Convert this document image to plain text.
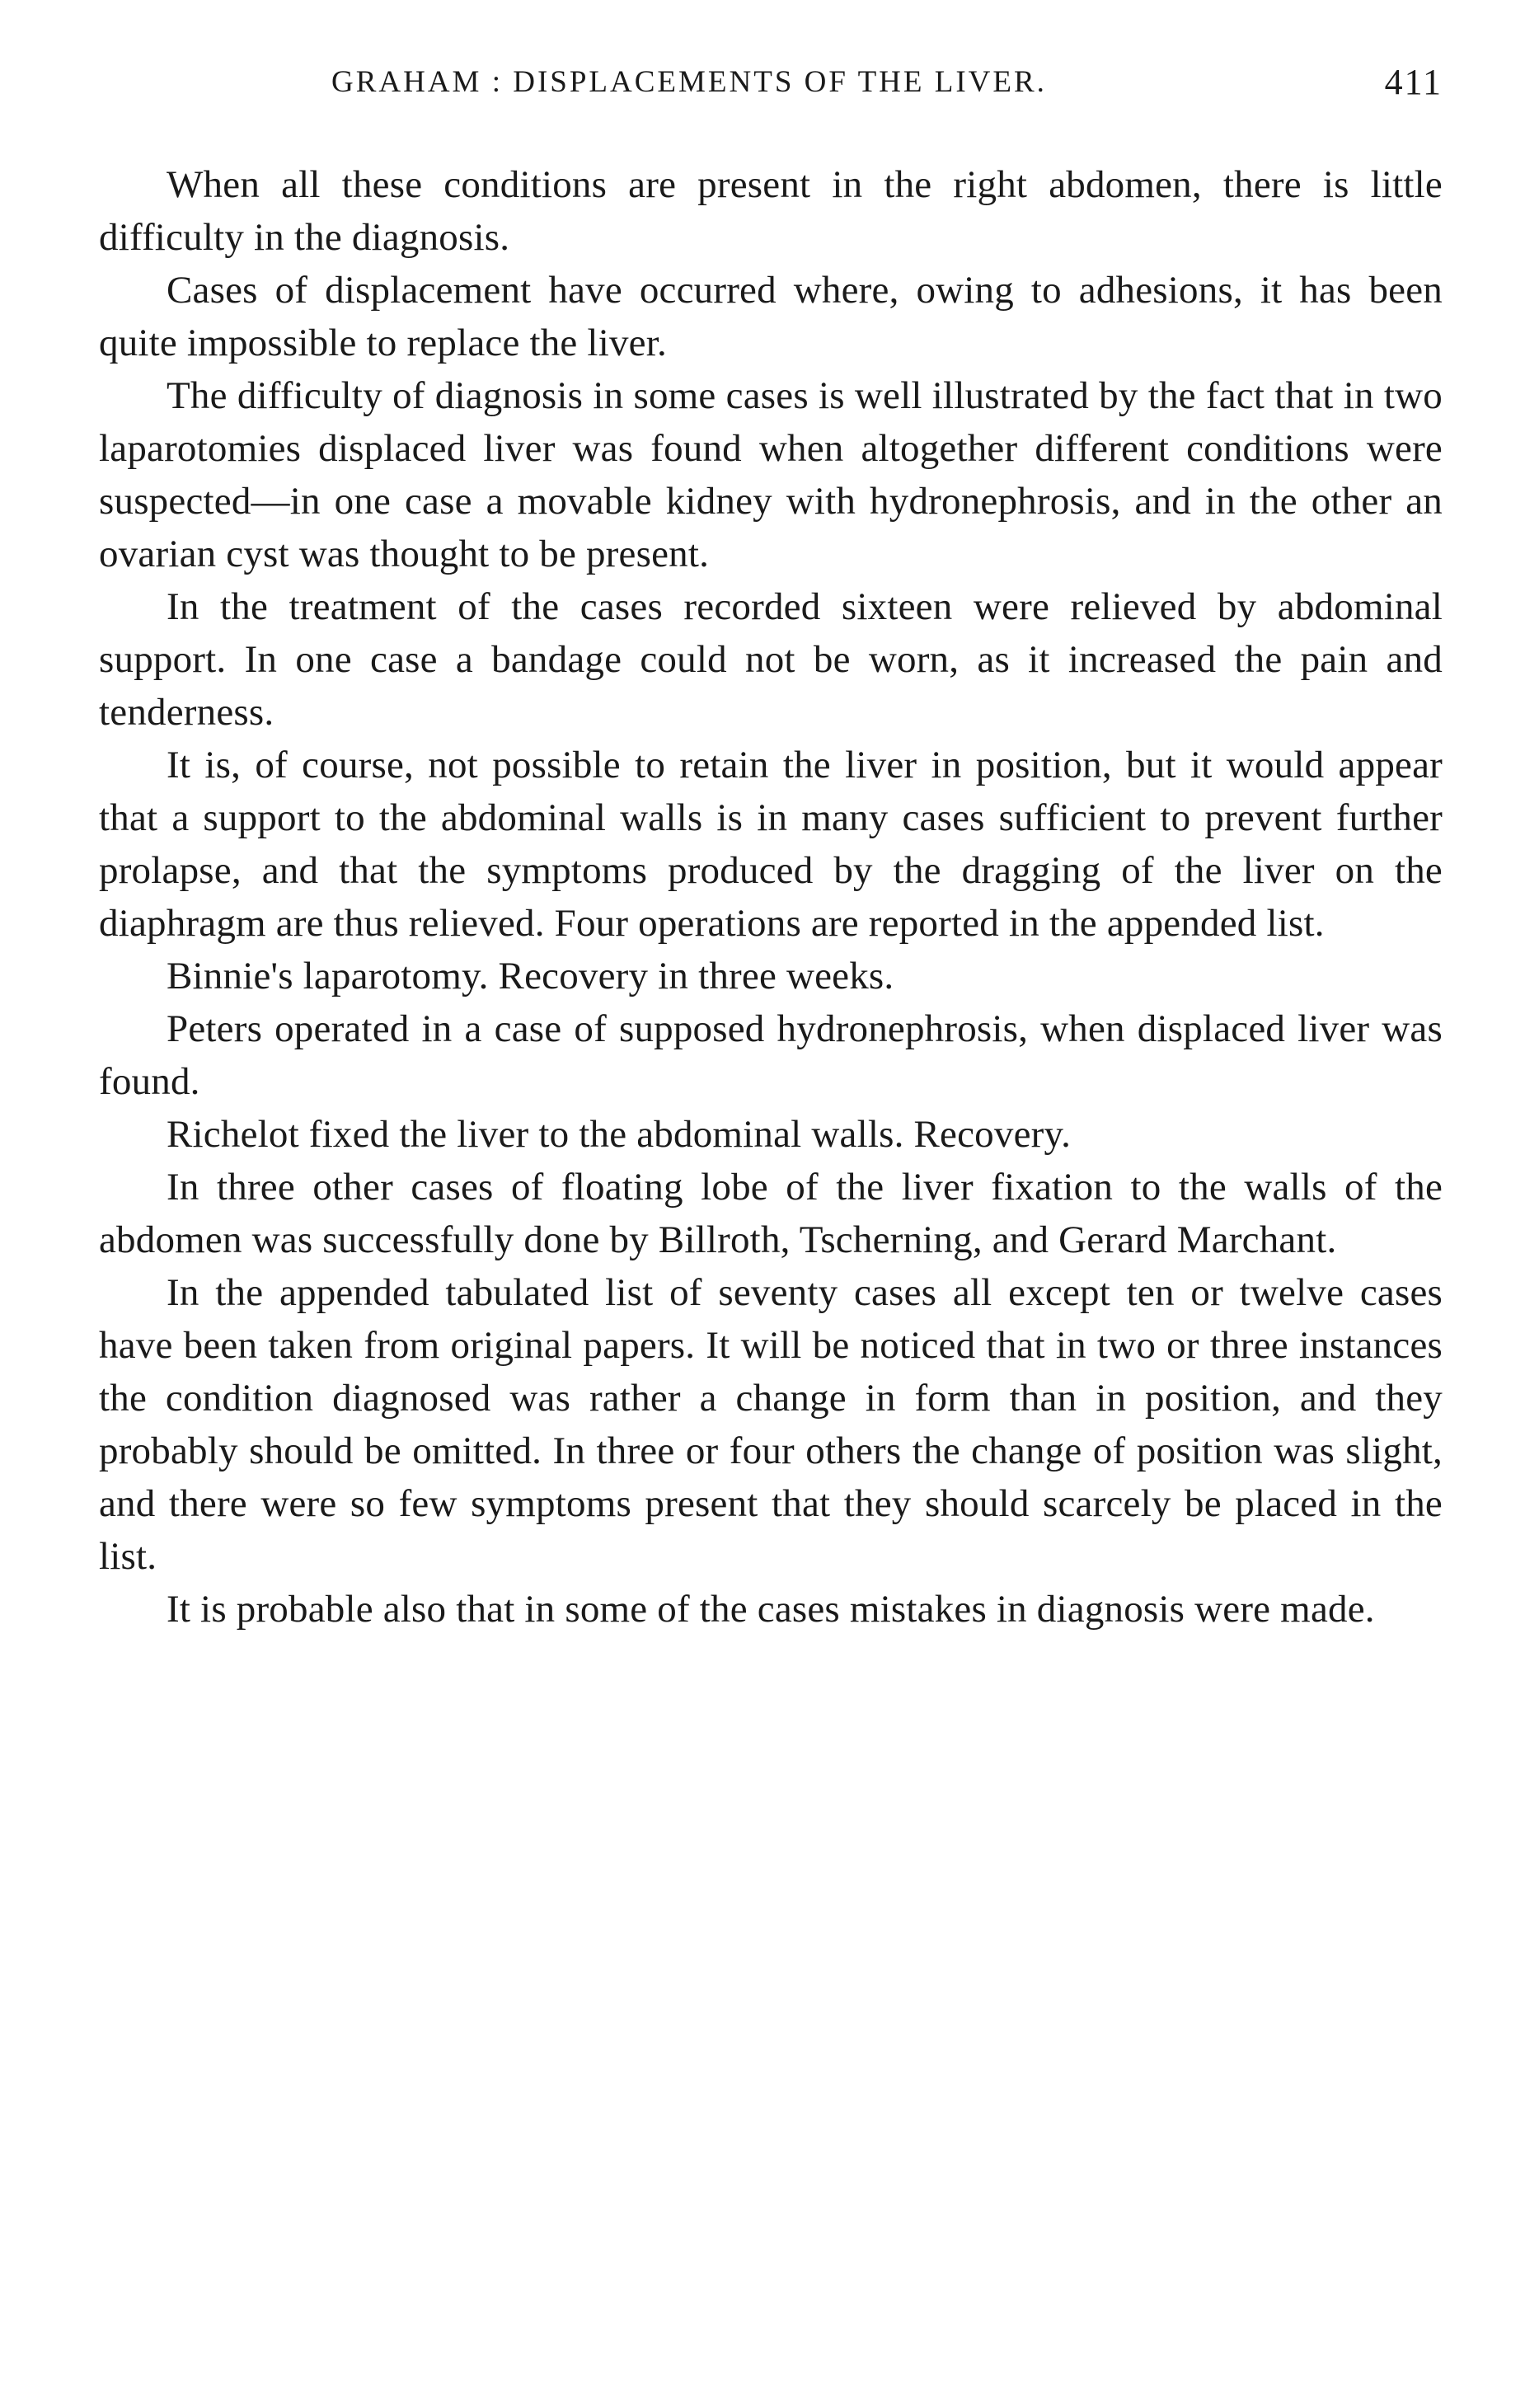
GRAHAM : DISPLACEMENTS OF THE LIVER.	411

When all these conditions are present in the right abdomen, there is little difficulty in the diagnosis.

Cases of displacement have occurred where, owing to adhesions, it has been quite impossible to replace the liver.

The difficulty of diagnosis in some cases is well illustrated by the fact that in two laparotomies displaced liver was found when altogether different conditions were suspected—in one case a movable kidney with hydronephrosis, and in the other an ovarian cyst was thought to be present.

In the treatment of the cases recorded sixteen were relieved by abdominal support. In one case a bandage could not be worn, as it increased the pain and tenderness.

It is, of course, not possible to retain the liver in position, but it would appear that a support to the abdominal walls is in many cases sufficient to prevent further prolapse, and that the symptoms produced by the dragging of the liver on the diaphragm are thus relieved. Four operations are reported in the appended list.

Binnie's laparotomy. Recovery in three weeks.

Peters operated in a case of supposed hydronephrosis, when displaced liver was found.

Richelot fixed the liver to the abdominal walls. Recovery.

In three other cases of floating lobe of the liver fixation to the walls of the abdomen was successfully done by Billroth, Tscherning, and Gerard Marchant.

In the appended tabulated list of seventy cases all except ten or twelve cases have been taken from original papers. It will be noticed that in two or three instances the condition diagnosed was rather a change in form than in position, and they probably should be omitted. In three or four others the change of position was slight, and there were so few symptoms present that they should scarcely be placed in the list.

It is probable also that in some of the cases mistakes in diagnosis were made.
